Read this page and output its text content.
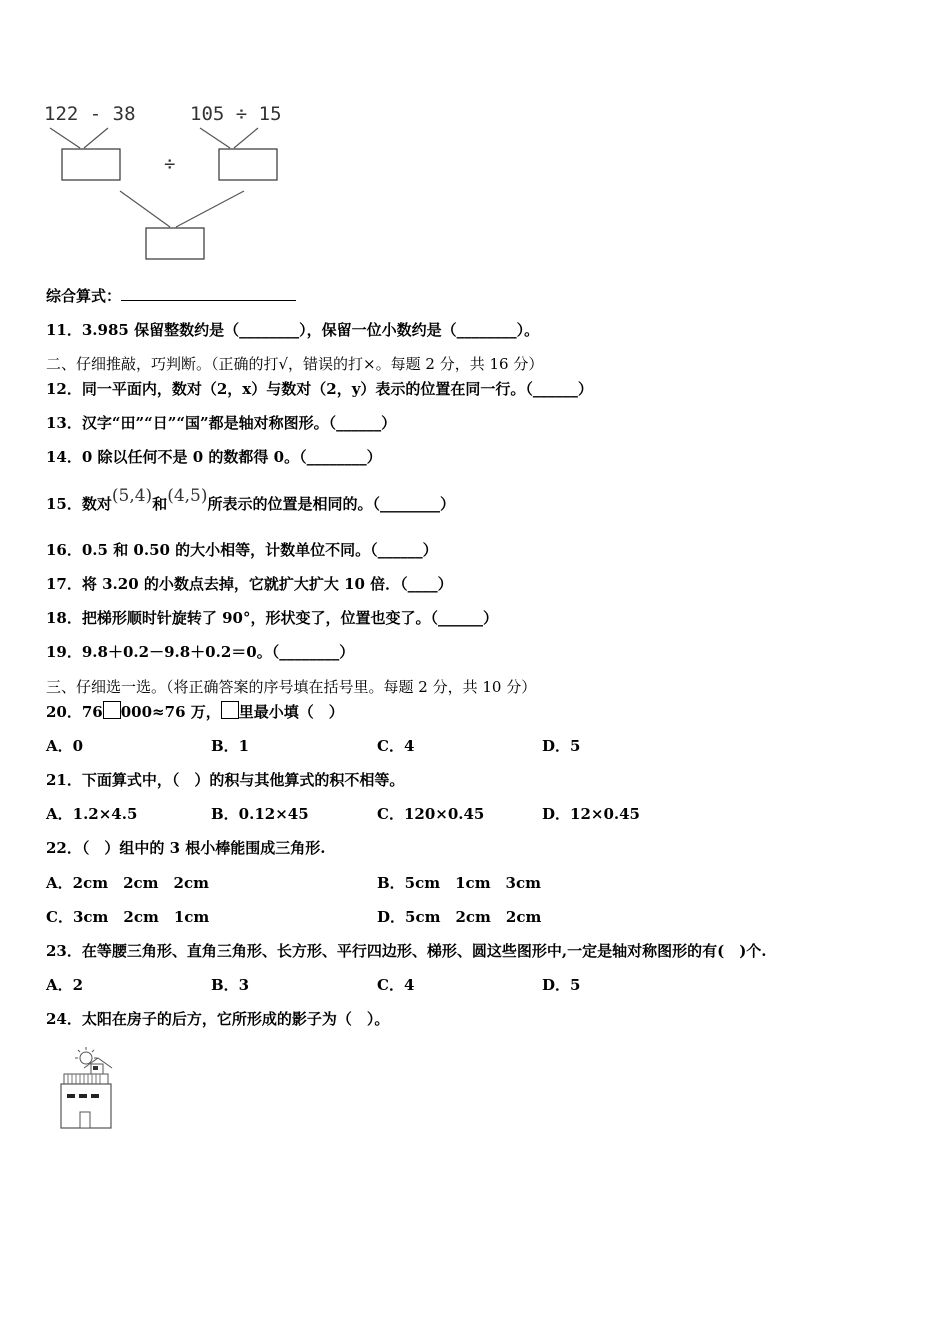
122 - 38	105 ÷ 15
÷
综合算式：
11．3.985 保留整数约是（________），保留一位小数约是（________）。
二、仔细推敲，巧判断。（正确的打√，错误的打×。每题 2 分，共 16 分）
12．同一平面内，数对（2，x）与数对（2，y）表示的位置在同一行。（______）
13．汉字“田”“日”“国”都是轴对称图形。（______）
14．0 除以任何不是 0 的数都得 0。（________）
15．数对(5,4)和(4,5)所表示的位置是相同的。（________）
16．0.5 和 0.50 的大小相等，计数单位不同。（______）
17．将 3.20 的小数点去掉，它就扩大扩大 10 倍．（____）
18．把梯形顺时针旋转了 90°，形状变了，位置也变了。（______）
19．9.8＋0.2－9.8＋0.2＝0。（________）
三、仔细选一选。（将正确答案的序号填在括号里。每题 2 分，共 10 分）
20．76 000≈76 万， 里最小填（　）
A．0	B．1	C．4	D．5
21．下面算式中，（　）的积与其他算式的积不相等。
A．1.2×4.5	B．0.12×45	C．120×0.45	D．12×0.45
22．（　）组中的 3 根小棒能围成三角形.
A．2cm　2cm　2cm	B．5cm　1cm　3cm
C．3cm　2cm　1cm	D．5cm　2cm　2cm
23．在等腰三角形、直角三角形、长方形、平行四边形、梯形、圆这些图形中,一定是轴对称图形的有(　)个.
A．2	B．3	C．4	D．5
24．太阳在房子的后方，它所形成的影子为（　）。
